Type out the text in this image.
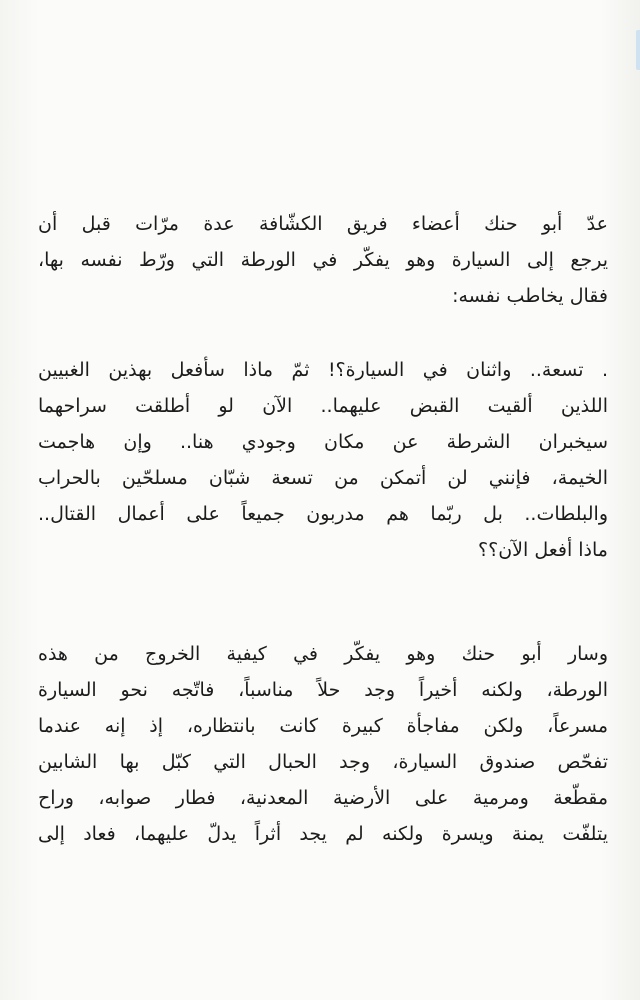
عدّ أبو حنك أعضاء فريق الكشّافة عدة مرّات قبل أن
يرجع إلى السيارة وهو يفكّر في الورطة التي ورّط نفسه بها،
فقال يخاطب نفسه:

. تسعة.. واثنان في السيارة؟! ثمّ ماذا سأفعل بهذين الغبيين
اللذين ألقيت القبض عليهما.. الآن لو أطلقت سراحهما
سيخبران الشرطة عن مكان وجودي هنا.. وإن هاجمت
الخيمة، فإنني لن أتمكن من تسعة شبّان مسلحّين بالحراب
والبلطات.. بل ربّما هم مدربون جميعاً على أعمال القتال..
ماذا أفعل الآن؟؟

وسار أبو حنك وهو يفكّر في كيفية الخروج من هذه
الورطة، ولكنه أخيراً وجد حلاً مناسباً، فاتّجه نحو السيارة
مسرعاً، ولكن مفاجأة كبيرة كانت بانتظاره، إذ إنه عندما
تفحّص صندوق السيارة، وجد الحبال التي كبّل بها الشابين
مقطّعة ومرمية على الأرضية المعدنية، فطار صوابه، وراح
يتلفّت يمنة ويسرة ولكنه لم يجد أثراً يدلّ عليهما، فعاد إلى
